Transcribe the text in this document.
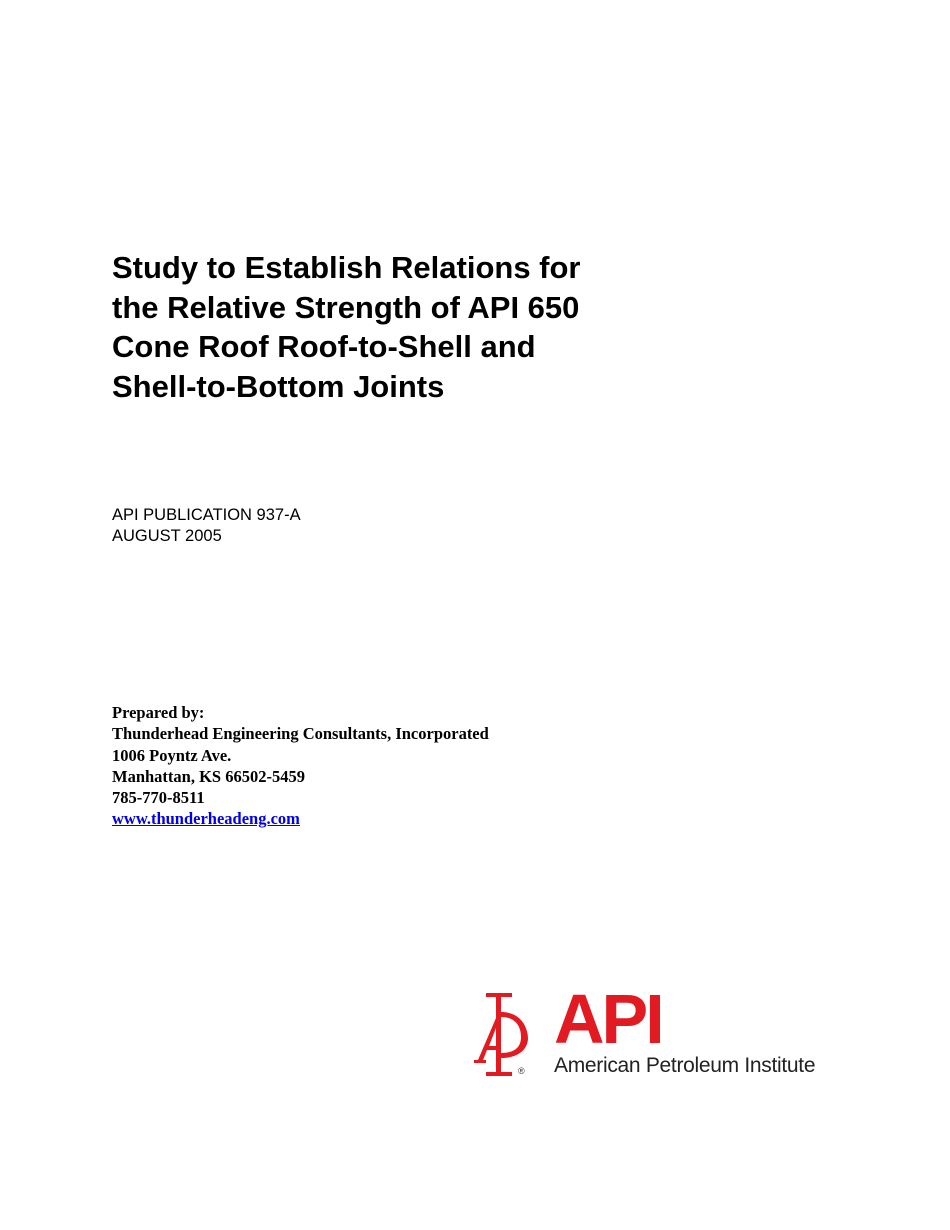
Study to Establish Relations for
the Relative Strength of API 650
Cone Roof Roof-to-Shell and
Shell-to-Bottom Joints
API PUBLICATION 937-A
AUGUST 2005
Prepared by:
Thunderhead Engineering Consultants, Incorporated
1006 Poyntz Ave.
Manhattan, KS 66502-5459
785-770-8511
www.thunderheadeng.com
®
API
American Petroleum Institute
